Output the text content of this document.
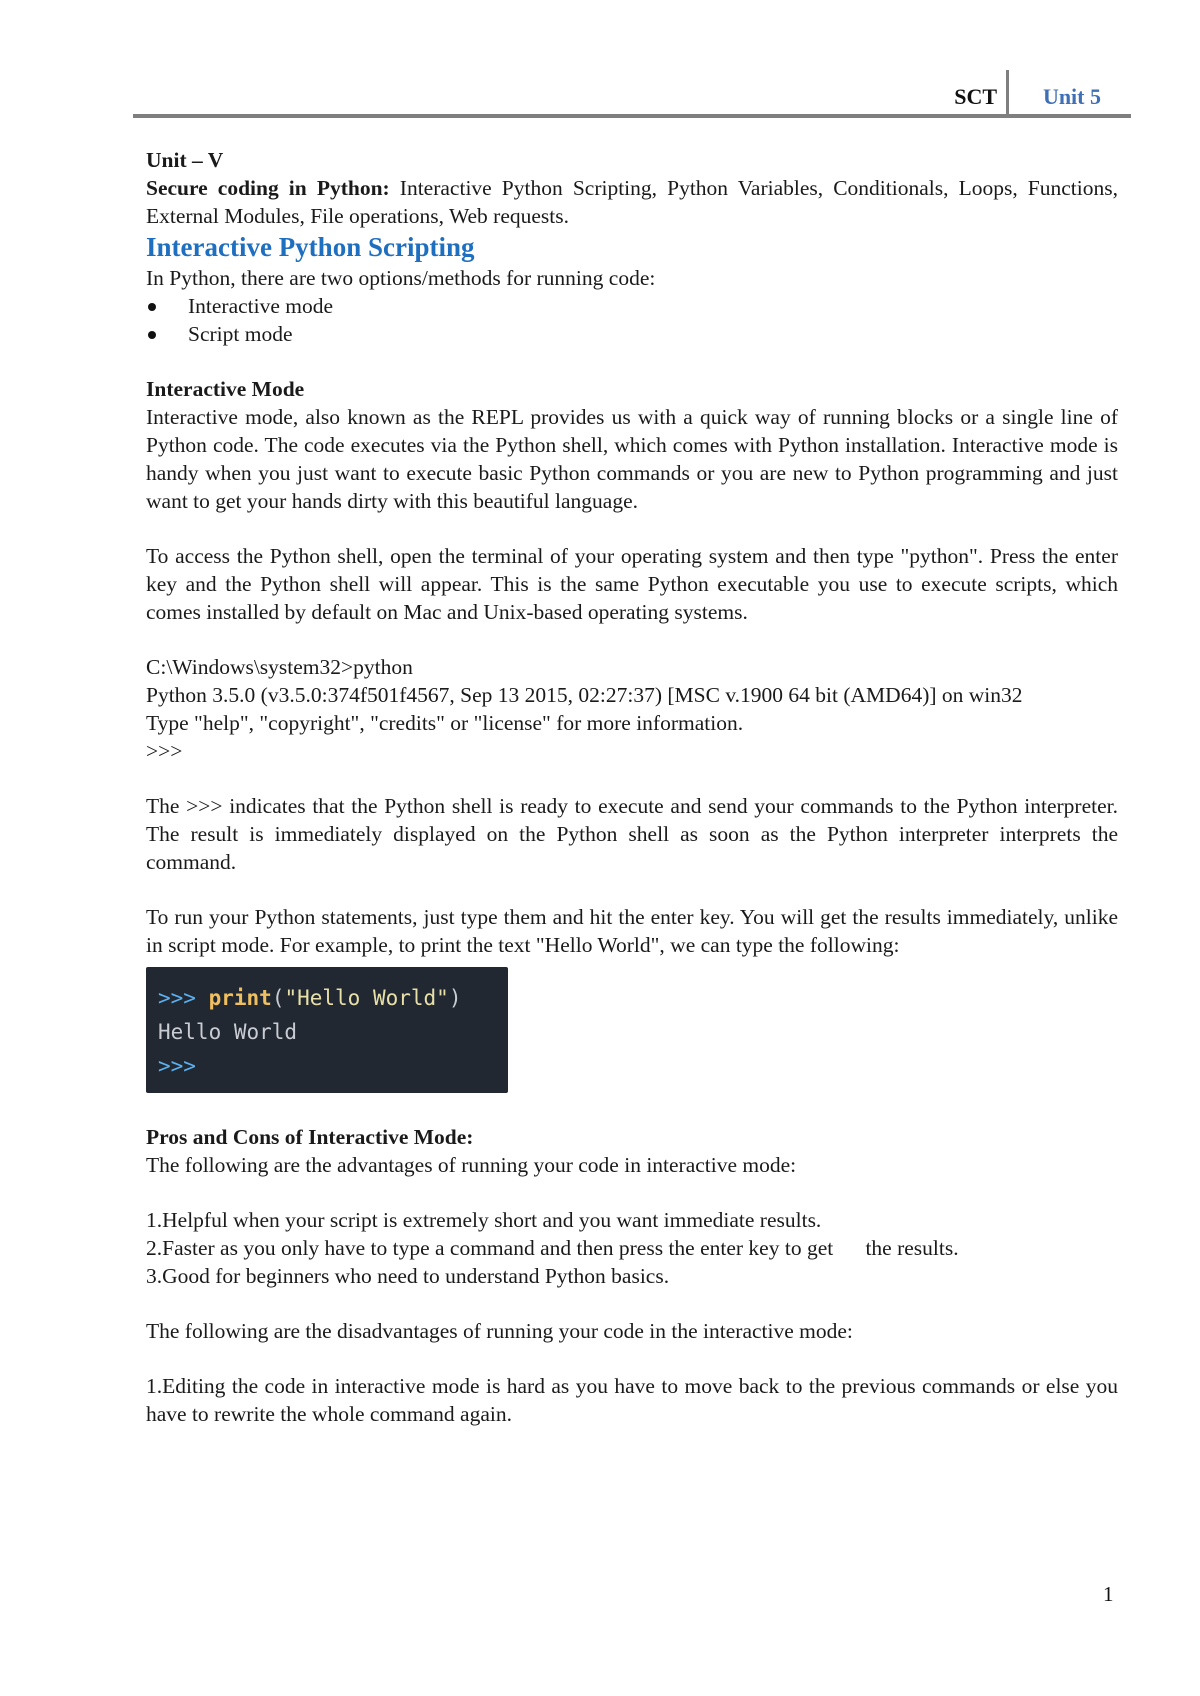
SCT Unit 5

Unit – V

Secure coding in Python: Interactive Python Scripting, Python Variables, Conditionals, Loops, Functions, External Modules, File operations, Web requests.

Interactive Python Scripting

In Python, there are two options/methods for running code:

Interactive mode
Script mode

Interactive Mode

Interactive mode, also known as the REPL provides us with a quick way of running blocks or a single line of Python code. The code executes via the Python shell, which comes with Python installation. Interactive mode is handy when you just want to execute basic Python commands or you are new to Python programming and just want to get your hands dirty with this beautiful language.

To access the Python shell, open the terminal of your operating system and then type "python". Press the enter key and the Python shell will appear. This is the same Python executable you use to execute scripts, which comes installed by default on Mac and Unix-based operating systems.

C:\Windows\system32>python

Python 3.5.0 (v3.5.0:374f501f4567, Sep 13 2015, 02:27:37) [MSC v.1900 64 bit (AMD64)] on win32

Type "help", "copyright", "credits" or "license" for more information.

>>>

The >>> indicates that the Python shell is ready to execute and send your commands to the Python interpreter. The result is immediately displayed on the Python shell as soon as the Python interpreter interprets the command.

To run your Python statements, just type them and hit the enter key. You will get the results immediately, unlike in script mode. For example, to print the text "Hello World", we can type the following:

>>> print("Hello World")
Hello World
>>>

Pros and Cons of Interactive Mode:

The following are the advantages of running your code in interactive mode:

1.Helpful when your script is extremely short and you want immediate results.

2.Faster as you only have to type a command and then press the enter key to get      the results.

3.Good for beginners who need to understand Python basics.

The following are the disadvantages of running your code in the interactive mode:

1.Editing the code in interactive mode is hard as you have to move back to the previous commands or else you have to rewrite the whole command again.

1
